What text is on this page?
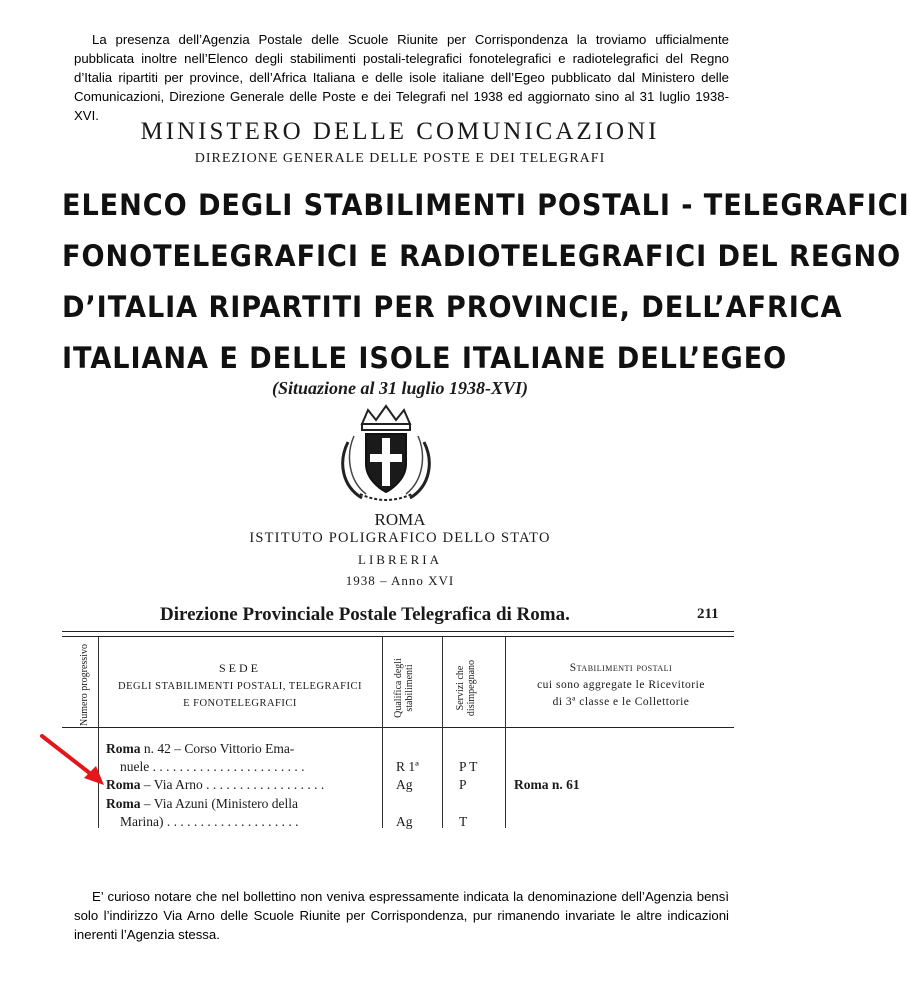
La presenza dell’Agenzia Postale delle Scuole Riunite per Corrispondenza la troviamo ufficialmente pubblicata inoltre nell’Elenco degli stabilimenti postali-telegrafici fonotelegrafici e radiotelegrafici del Regno d’Italia ripartiti per province, dell’Africa Italiana e delle isole italiane dell’Egeo pubblicato dal Ministero delle Comunicazioni, Direzione Generale delle Poste e dei Telegrafi nel 1938 ed aggiornato sino al 31 luglio 1938-XVI.
MINISTERO DELLE COMUNICAZIONI
DIREZIONE GENERALE DELLE POSTE E DEI TELEGRAFI
ELENCO DEGLI STABILIMENTI POSTALI - TELEGRAFICI
FONOTELEGRAFICI E RADIOTELEGRAFICI DEL REGNO
D’ITALIA RIPARTITI PER PROVINCIE, DELL’AFRICA
ITALIANA E DELLE ISOLE ITALIANE DELL’EGEO
(Situazione al 31 luglio 1938-XVI)
ROMA
ISTITUTO POLIGRAFICO DELLO STATO
LIBRERIA
1938 – Anno XVI
Direzione Provinciale Postale Telegrafica di Roma.	211
Numero progressivo	SEDE
DEGLI STABILIMENTI POSTALI, TELEGRAFICI
E FONOTELEGRAFICI	Qualifica degli stabilimenti	Servizi che disimpegnano	Stabilimenti postali
cui sono aggregate le Ricevitorie
di 3ª classe e le Collettorie
Roma n. 42 – Corso Vittorio Ema-
nuele . . . . . . . . . . . . . . . . . . . . . . .	R 1ª	P T
Roma – Via Arno . . . . . . . . . . . . . . . . . .	Ag	P	Roma n. 61
Roma – Via Azuni (Ministero della
Marina) . . . . . . . . . . . . . . . . . . . .	Ag	T
E’ curioso notare che nel bollettino non veniva espressamente indicata la denominazione dell’Agenzia bensì solo l’indirizzo Via Arno delle Scuole Riunite per Corrispondenza, pur rimanendo invariate le altre indicazioni inerenti l’Agenzia stessa.
